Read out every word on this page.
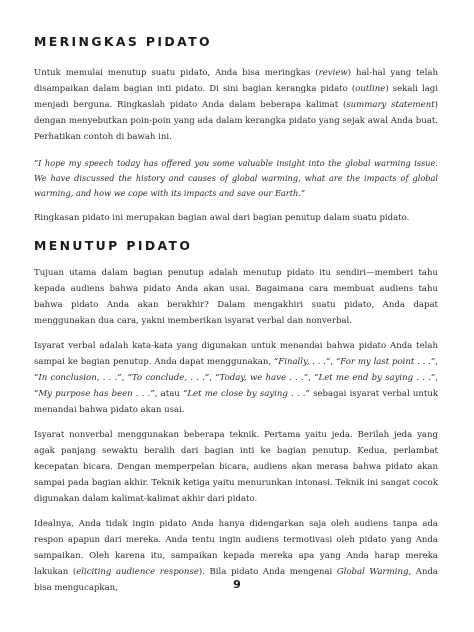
MERINGKAS PIDATO

Untuk memulai menutup suatu pidato, Anda bisa meringkas (review) hal-hal yang telah disampaikan dalam bagian inti pidato. Di sini bagian kerangka pidato (outline) sekali lagi menjadi berguna. Ringkaslah pidato Anda dalam beberapa kalimat (summary statement) dengan menyebutkan poin-poin yang ada dalam kerangka pidato yang sejak awal Anda buat. Perhatikan contoh di bawah ini.

“I hope my speech today has offered you some valuable insight into the global warming issue. We have discussed the history and causes of global warming, what are the impacts of global warming, and how we cope with its impacts and save our Earth.”

Ringkasan pidato ini merupakan bagian awal dari bagian penutup dalam suatu pidato.

MENUTUP PIDATO

Tujuan utama dalam bagian penutup adalah menutup pidato itu sendiri—memberi tahu kepada audiens bahwa pidato Anda akan usai. Bagaimana cara membuat audiens tahu bahwa pidato Anda akan berakhir? Dalam mengakhiri suatu pidato, Anda dapat menggunakan dua cara, yakni memberikan isyarat verbal dan nonverbal.

Isyarat verbal adalah kata-kata yang digunakan untuk menandai bahwa pidato Anda telah sampai ke bagian penutup. Anda dapat menggunakan, “Finally, . . .”, “For my last point . . .”, “In conclusion, . . .”, “To conclude, . . .”, “Today, we have . . .”, “Let me end by saying . . .”, “My purpose has been . . .”, atau “Let me close by saying . . .” sebagai isyarat verbal untuk menandai bahwa pidato akan usai.

Isyarat nonverbal menggunakan beberapa teknik. Pertama yaitu jeda. Berilah jeda yang agak panjang sewaktu beralih dari bagian inti ke bagian penutup. Kedua, perlambat kecepatan bicara. Dengan memperpelan bicara, audiens akan merasa bahwa pidato akan sampai pada bagian akhir. Teknik ketiga yaitu menurunkan intonasi. Teknik ini sangat cocok digunakan dalam kalimat-kalimat akhir dari pidato.

Idealnya, Anda tidak ingin pidato Anda hanya didengarkan saja oleh audiens tanpa ada respon apapun dari mereka. Anda tentu ingin audiens termotivasi oleh pidato yang Anda sampaikan. Oleh karena itu, sampaikan kepada mereka apa yang Anda harap mereka lakukan (eliciting audience response). Bila pidato Anda mengenai Global Warming, Anda bisa mengucapkan,	9
